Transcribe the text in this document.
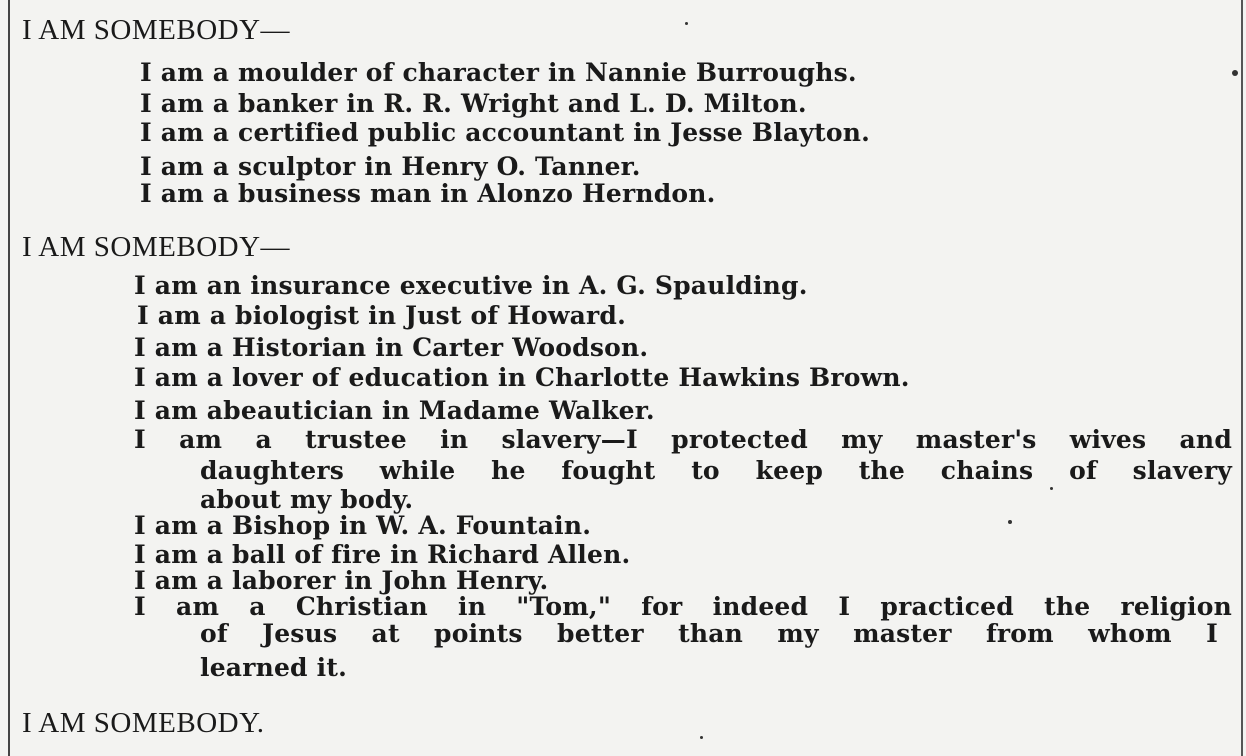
I AM SOMEBODY—
I am a moulder of character in Nannie Burroughs.
I am a banker in R. R. Wright and L. D. Milton.
I am a certified public accountant in Jesse Blayton.
I am a sculptor in Henry O. Tanner.
I am a business man in Alonzo Herndon.
I AM SOMEBODY—
I am an insurance executive in A. G. Spaulding.
I am a biologist in Just of Howard.
I am a Historian in Carter Woodson.
I am a lover of education in Charlotte Hawkins Brown.
I am abeautician in Madame Walker.
I am a trustee in slavery—I protected my master's wives and
daughters while he fought to keep the chains of slavery
about my body.
I am a Bishop in W. A. Fountain.
I am a ball of fire in Richard Allen.
I am a laborer in John Henry.
I am a Christian in "Tom," for indeed I practiced the religion
of Jesus at points better than my master from whom I
learned it.
I AM SOMEBODY.
